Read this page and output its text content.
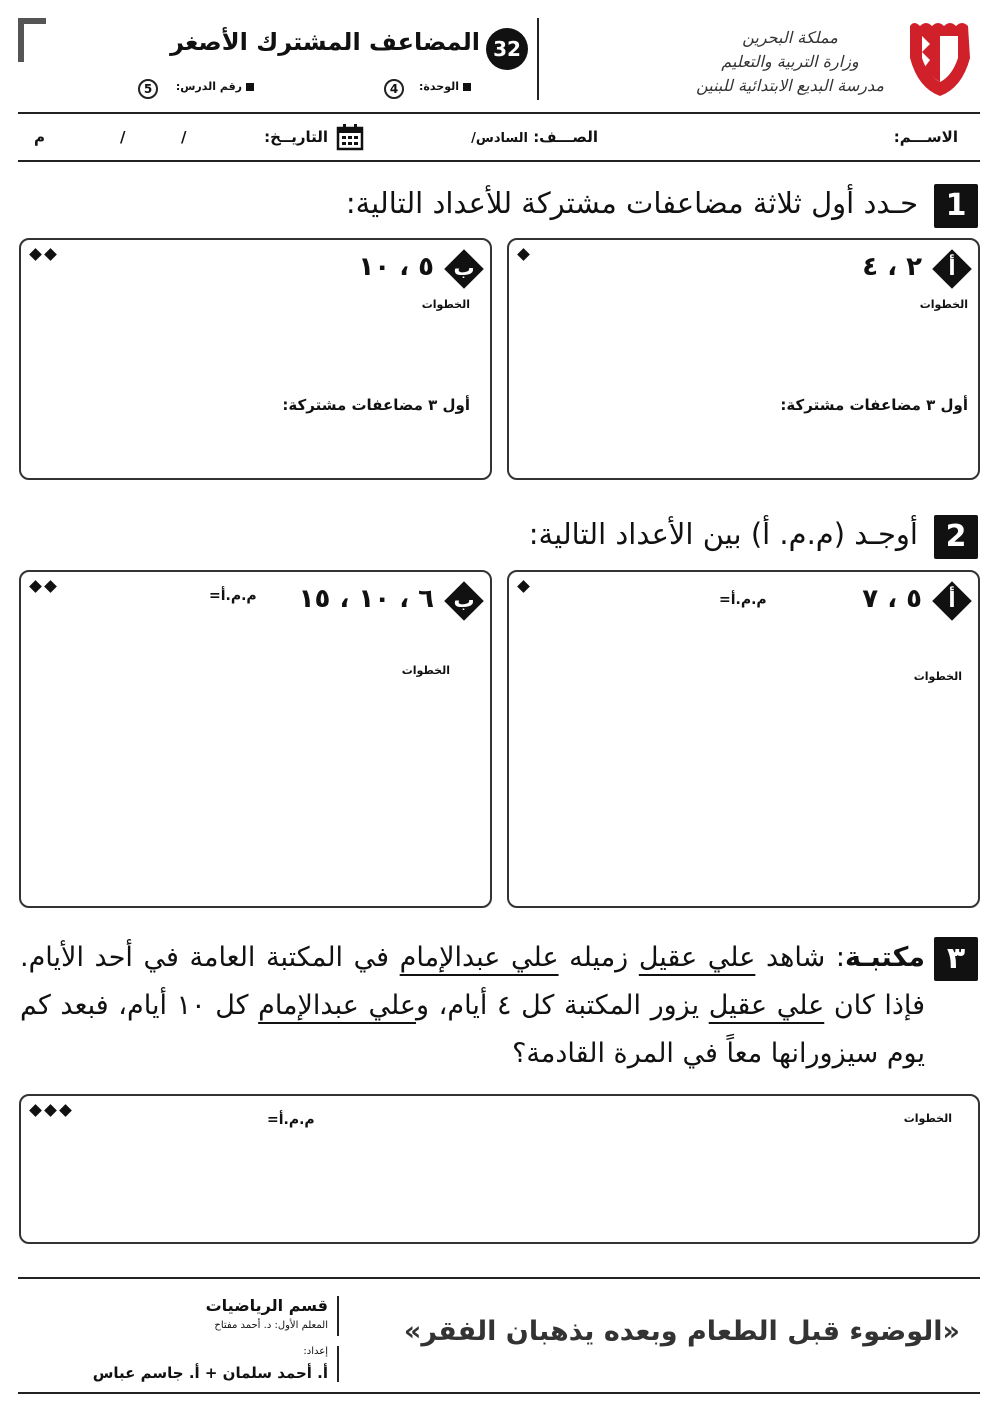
32
المضاعف المشترك الأصغر
الوحدة:
4
رقم الدرس:
5
مملكة البحرين
وزارة التربية والتعليم
مدرسة البديع الابتدائية للبنين
الاســـم:
الصـــف: السادس/
التاريــخ:
/
/
م
1
حـدد أول ثلاثة مضاعفات مشتركة للأعداد التالية:
أ
٢ ، ٤
الخطوات
أول ٣ مضاعفات مشتركة:
ب
٥ ، ١٠
الخطوات
أول ٣ مضاعفات مشتركة:
2
أوجـد (م.م. أ) بين الأعداد التالية:
أ
٥ ، ٧
م.م.أ=
الخطوات
ب
٦ ، ١٠ ، ١٥
م.م.أ=
الخطوات
٣
مكتبـة: شاهد علي عقيل زميله علي عبدالإمام في المكتبة العامة في أحد الأيام. فإذا كان علي عقيل يزور المكتبة كل ٤ أيام، وعلي عبدالإمام كل ١٠ أيام، فبعد كم يوم سيزورانها معاً في المرة القادمة؟
م.م.أ=	الخطوات
«الوضوء قبل الطعام وبعده يذهبان الفقر»
قسم الرياضيات
المعلم الأول: د. أحمد مفتاح
إعداد:
أ. أحمد سلمان + أ. جاسم عباس
